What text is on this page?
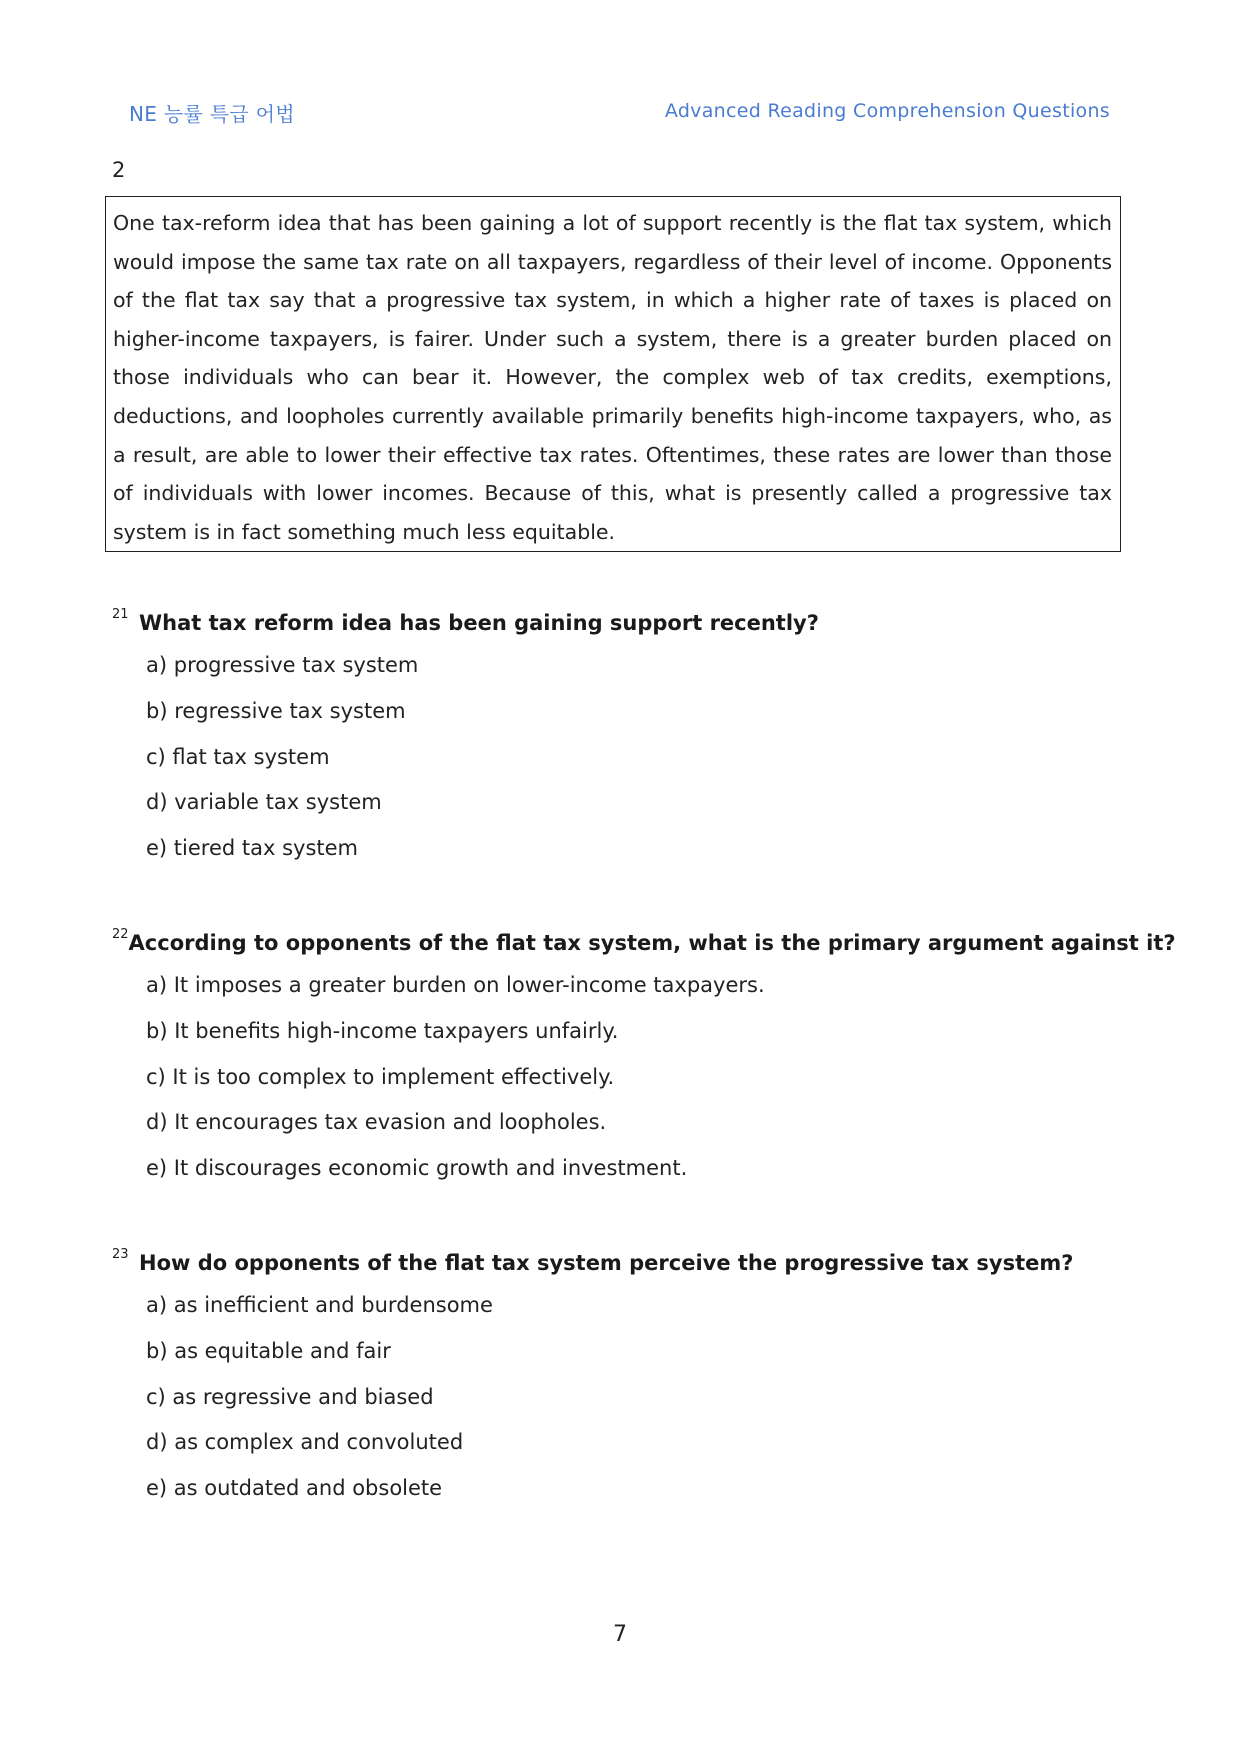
NE 능률 특급 어법	Advanced Reading Comprehension Questions
2

One tax-reform idea that has been gaining a lot of support recently is the flat tax system, which would impose the same tax rate on all taxpayers, regardless of their level of income. Opponents of the flat tax say that a progressive tax system, in which a higher rate of taxes is placed on higher-income taxpayers, is fairer. Under such a system, there is a greater burden placed on those individuals who can bear it. However, the complex web of tax credits, exemptions, deductions, and loopholes currently available primarily benefits high-income taxpayers, who, as a result, are able to lower their effective tax rates. Oftentimes, these rates are lower than those of individuals with lower incomes. Because of this, what is presently called a progressive tax system is in fact something much less equitable.

21 What tax reform idea has been gaining support recently?
a) progressive tax system
b) regressive tax system
c) flat tax system
d) variable tax system
e) tiered tax system
22 According to opponents of the flat tax system, what is the primary argument against it?
a) It imposes a greater burden on lower-income taxpayers.
b) It benefits high-income taxpayers unfairly.
c) It is too complex to implement effectively.
d) It encourages tax evasion and loopholes.
e) It discourages economic growth and investment.
23 How do opponents of the flat tax system perceive the progressive tax system?
a) as inefficient and burdensome
b) as equitable and fair
c) as regressive and biased
d) as complex and convoluted
e) as outdated and obsolete
7
